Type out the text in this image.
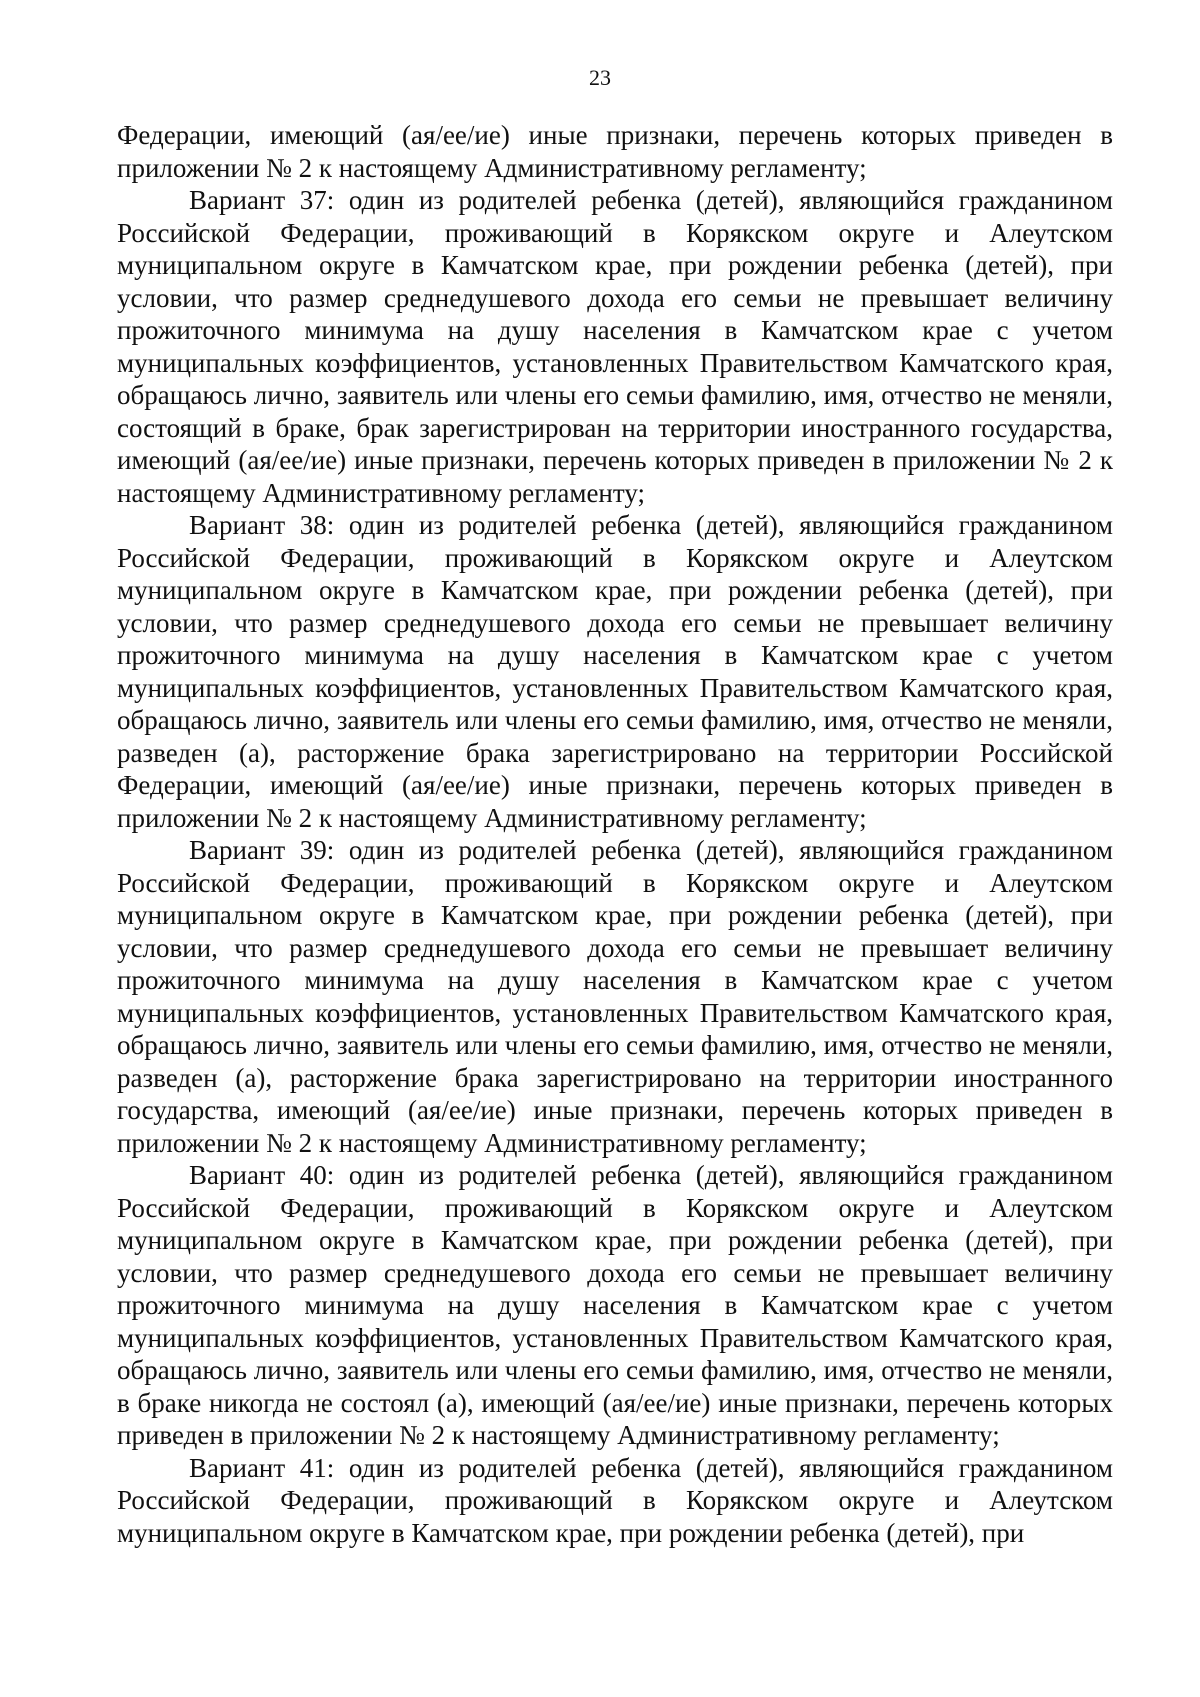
23

Федерации, имеющий (ая/ее/ие) иные признаки, перечень которых приведен в приложении № 2 к настоящему Административному регламенту;

Вариант 37: один из родителей ребенка (детей), являющийся гражданином Российской Федерации, проживающий в Корякском округе и Алеутском муниципальном округе в Камчатском крае, при рождении ребенка (детей), при условии, что размер среднедушевого дохода его семьи не превышает величину прожиточного минимума на душу населения в Камчатском крае с учетом муниципальных коэффициентов, установленных Правительством Камчатского края, обращаюсь лично, заявитель или члены его семьи фамилию, имя, отчество не меняли, состоящий в браке, брак зарегистрирован на территории иностранного государства, имеющий (ая/ее/ие) иные признаки, перечень которых приведен в приложении № 2 к настоящему Административному регламенту;

Вариант 38: один из родителей ребенка (детей), являющийся гражданином Российской Федерации, проживающий в Корякском округе и Алеутском муниципальном округе в Камчатском крае, при рождении ребенка (детей), при условии, что размер среднедушевого дохода его семьи не превышает величину прожиточного минимума на душу населения в Камчатском крае с учетом муниципальных коэффициентов, установленных Правительством Камчатского края, обращаюсь лично, заявитель или члены его семьи фамилию, имя, отчество не меняли, разведен (а), расторжение брака зарегистрировано на территории Российской Федерации, имеющий (ая/ее/ие) иные признаки, перечень которых приведен в приложении № 2 к настоящему Административному регламенту;

Вариант 39: один из родителей ребенка (детей), являющийся гражданином Российской Федерации, проживающий в Корякском округе и Алеутском муниципальном округе в Камчатском крае, при рождении ребенка (детей), при условии, что размер среднедушевого дохода его семьи не превышает величину прожиточного минимума на душу населения в Камчатском крае с учетом муниципальных коэффициентов, установленных Правительством Камчатского края, обращаюсь лично, заявитель или члены его семьи фамилию, имя, отчество не меняли, разведен (а), расторжение брака зарегистрировано на территории иностранного государства, имеющий (ая/ее/ие) иные признаки, перечень которых приведен в приложении № 2 к настоящему Административному регламенту;

Вариант 40: один из родителей ребенка (детей), являющийся гражданином Российской Федерации, проживающий в Корякском округе и Алеутском муниципальном округе в Камчатском крае, при рождении ребенка (детей), при условии, что размер среднедушевого дохода его семьи не превышает величину прожиточного минимума на душу населения в Камчатском крае с учетом муниципальных коэффициентов, установленных Правительством Камчатского края, обращаюсь лично, заявитель или члены его семьи фамилию, имя, отчество не меняли, в браке никогда не состоял (а), имеющий (ая/ее/ие) иные признаки, перечень которых приведен в приложении № 2 к настоящему Административному регламенту;

Вариант 41: один из родителей ребенка (детей), являющийся гражданином Российской Федерации, проживающий в Корякском округе и Алеутском муниципальном округе в Камчатском крае, при рождении ребенка (детей), при
